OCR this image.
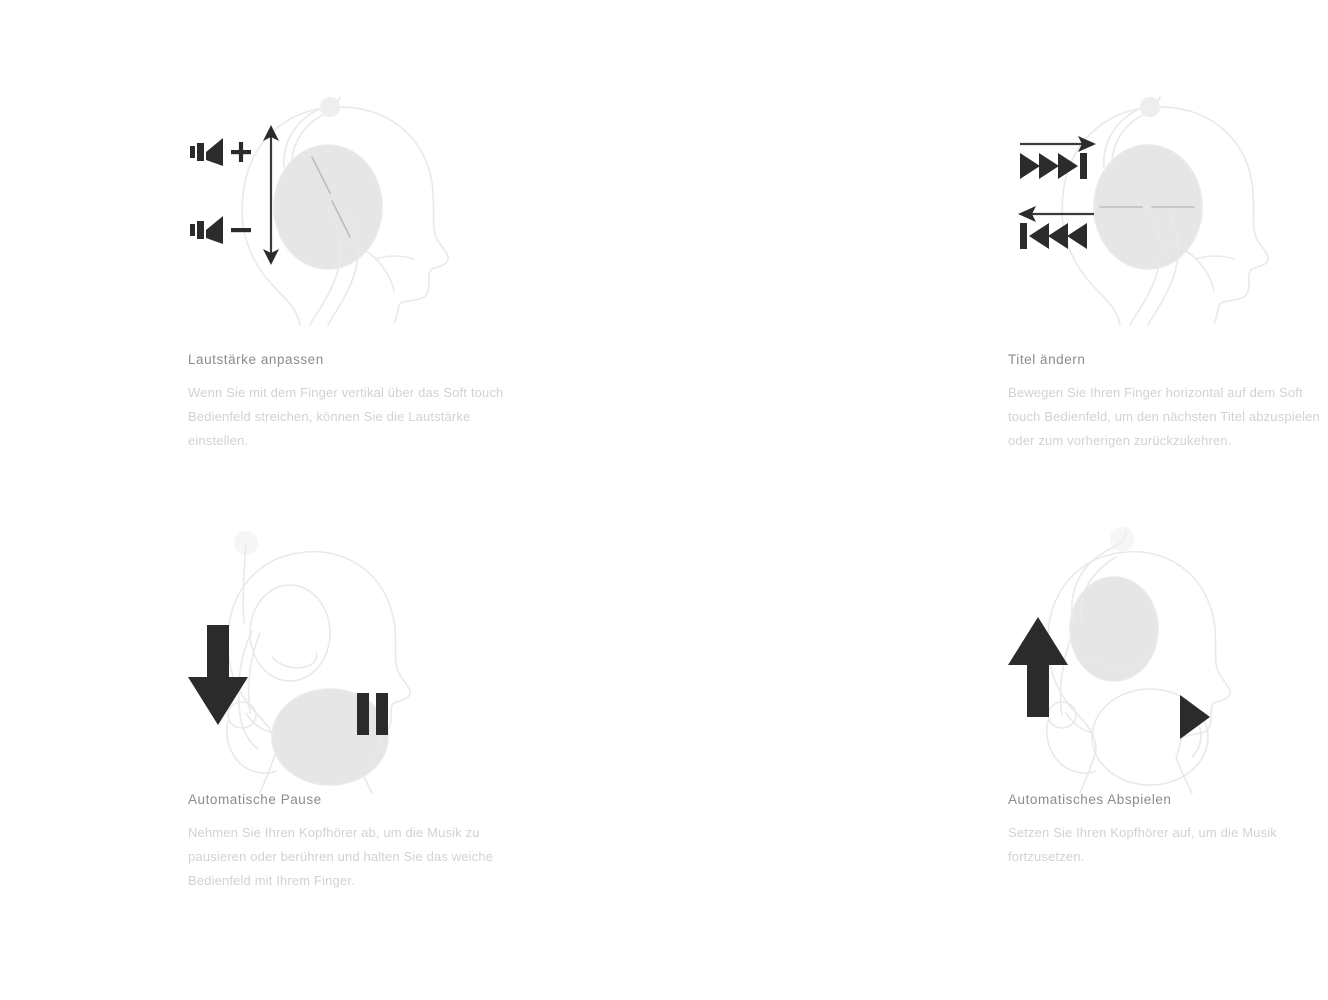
Lautstärke anpassen

Wenn Sie mit dem Finger vertikal über das Soft touch Bedienfeld streichen, können Sie die Lautstärke einstellen.

Titel ändern

Bewegen Sie Ihren Finger horizontal auf dem Soft touch Bedienfeld, um den nächsten Titel abzuspielen oder zum vorherigen zurückzukehren.

Automatische Pause

Nehmen Sie Ihren Kopfhörer ab, um die Musik zu pausieren oder berühren und halten Sie das weiche Bedienfeld mit Ihrem Finger.

Automatisches Abspielen

Setzen Sie Ihren Kopfhörer auf, um die Musik fortzusetzen.
